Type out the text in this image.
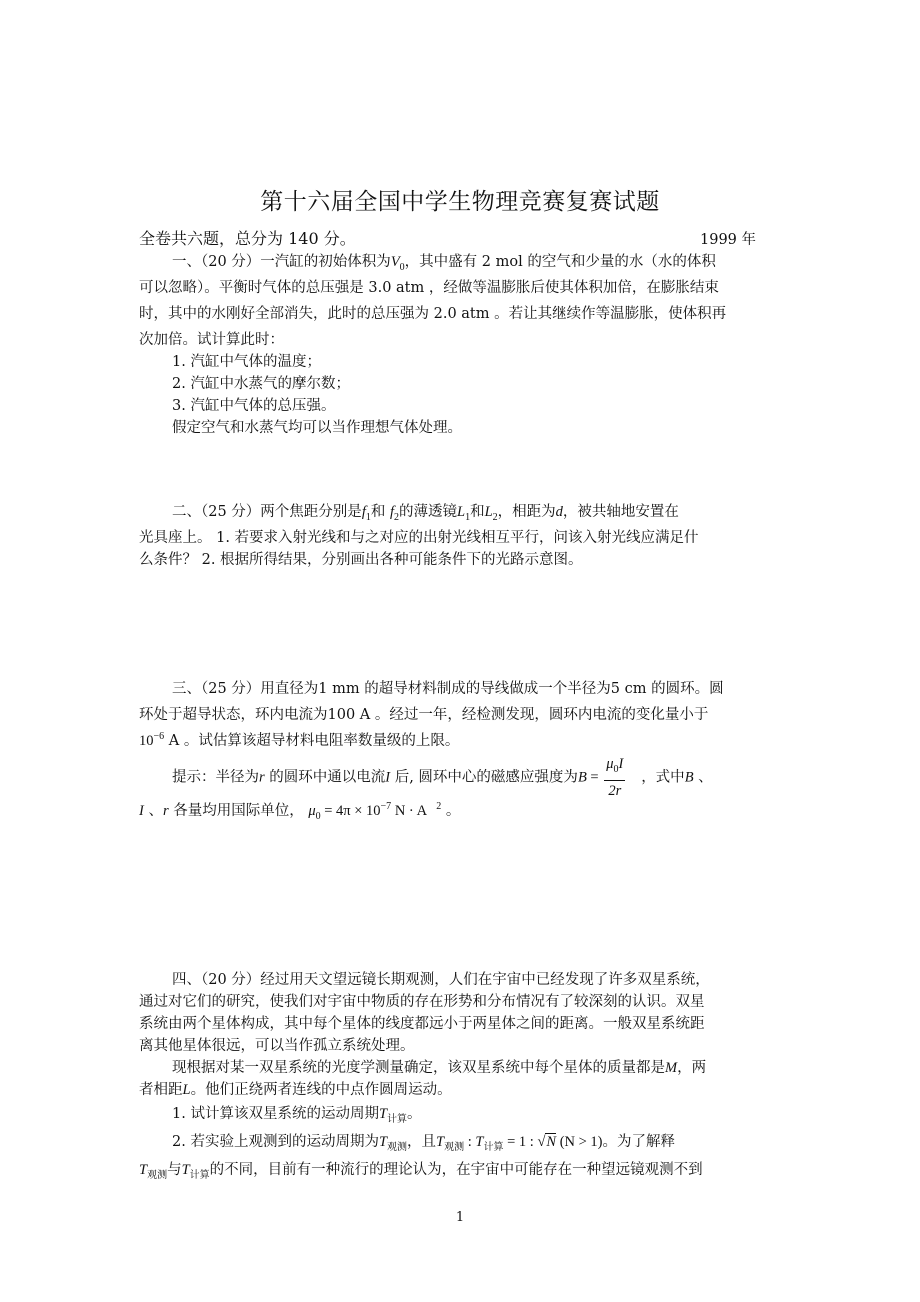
第十六届全国中学生物理竞赛复赛试题
全卷共六题，总分为 140 分。	1999 年
一、（20 分）一汽缸的初始体积为$V_0$，其中盛有 2 mol 的空气和少量的水（水的体积
可以忽略）。平衡时气体的总压强是 3.0 atm ，经做等温膨胀后使其体积加倍，在膨胀结束
时，其中的水刚好全部消失，此时的总压强为 2.0 atm 。若让其继续作等温膨胀，使体积再
次加倍。试计算此时：
1. 汽缸中气体的温度；
2. 汽缸中水蒸气的摩尔数；
3. 汽缸中气体的总压强。
假定空气和水蒸气均可以当作理想气体处理。
二、（25 分）两个焦距分别是$f_1$和 $f_2$的薄透镜$L_1$和$L_2$，相距为d，被共轴地安置在
光具座上。 1. 若要求入射光线和与之对应的出射光线相互平行，问该入射光线应满足什
么条件？ 2. 根据所得结果，分别画出各种可能条件下的光路示意图。
三、（25 分）用直径为1 mm 的超导材料制成的导线做成一个半径为5 cm 的圆环。圆
环处于超导状态，环内电流为100 A 。经过一年，经检测发现，圆环内电流的变化量小于
$10^{-6}$ A 。试估算该超导材料电阻率数量级的上限。
提示：半径为r 的圆环中通以电流I 后, 圆环中心的磁感应强度为$B = \frac{\mu_0I}{2r}$ ，式中B 、
I 、r 各量均用国际单位， $\mu_0 = 4\pi \times 10^{-7}$ N · A $^2$ 。
四、（20 分）经过用天文望远镜长期观测，人们在宇宙中已经发现了许多双星系统，
通过对它们的研究，使我们对宇宙中物质的存在形势和分布情况有了较深刻的认识。双星
系统由两个星体构成，其中每个星体的线度都远小于两星体之间的距离。一般双星系统距
离其他星体很远，可以当作孤立系统处理。
现根据对某一双星系统的光度学测量确定，该双星系统中每个星体的质量都是M，两
者相距L。他们正绕两者连线的中点作圆周运动。
1. 试计算该双星系统的运动周期$T_{计算}$。
2. 若实验上观测到的运动周期为$T_{观测}$，且$T_{观测}$ : $T_{计算} = 1$ : √N (N > 1)。为了解释
$T_{观测}$与$T_{计算}$的不同，目前有一种流行的理论认为，在宇宙中可能存在一种望远镜观测不到
1
